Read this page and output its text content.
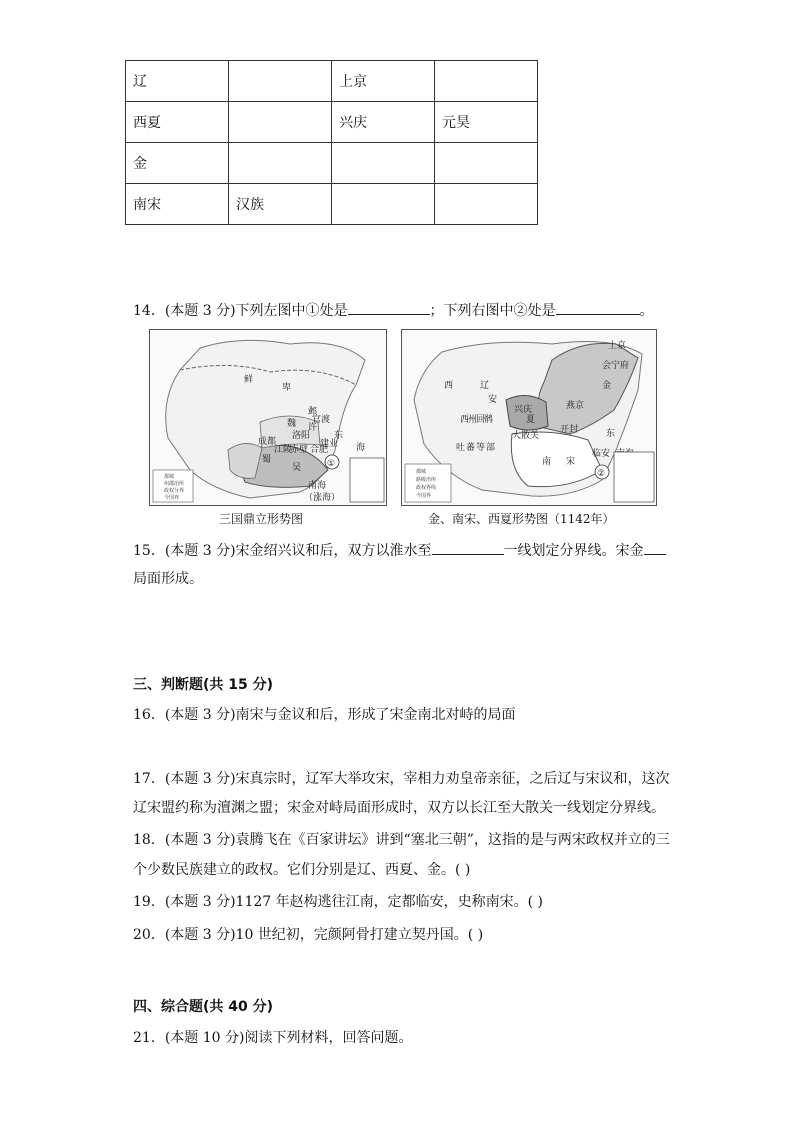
辽		上京	
西夏		兴庆	元昊
金			
南宋	汉族		
14．(本题 3 分)下列左图中①处是	；下列右图中②处是	。
鲜
卑
魏
洛阳
邺
东
吴
成都
蜀
建业
合肥
赤壁
江陵	海
南海
（涨海）
许
官渡
①
都城
州郡治所
政权分界
今国界
三国鼎立形势图
上京
金
会宁府
西	辽
夏
兴庆
安
西
州
回
鹘
吐 蕃 等 部
大散关
燕京
开封
临安
南 宋
东
②
都城
路级治所
政权界线
今国界
金、南宋、西夏形势图（1142年）
15．(本题 3 分)宋金绍兴议和后，双方以淮水至	一线划定分界线。宋金
局面形成。
三、判断题(共 15 分)
16．(本题 3 分)南宋与金议和后，形成了宋金南北对峙的局面
17．(本题 3 分)宋真宗时，辽军大举攻宋，宰相力劝皇帝亲征，之后辽与宋议和，这次
辽宋盟约称为澶渊之盟；宋金对峙局面形成时，双方以长江至大散关一线划定分界线。
18．(本题 3 分)袁腾飞在《百家讲坛》讲到“塞北三朝”，这指的是与两宋政权并立的三
个少数民族建立的政权。它们分别是辽、西夏、金。( )
19．(本题 3 分)1127 年赵构逃往江南，定都临安，史称南宋。( )
20．(本题 3 分)10 世纪初，完颜阿骨打建立契丹国。( )
四、综合题(共 40 分)
21．(本题 10 分)阅读下列材料，回答问题。
